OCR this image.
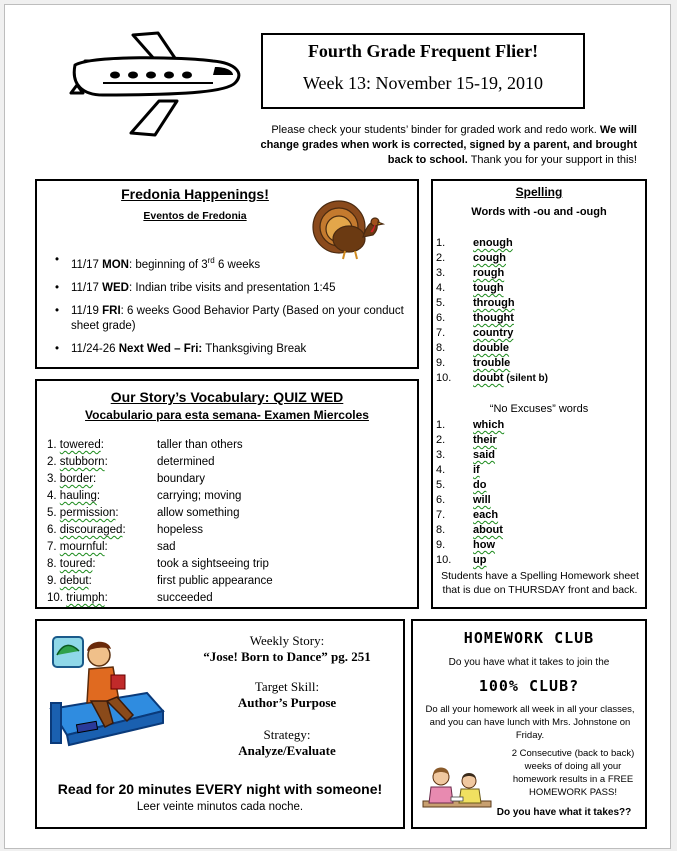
Fourth Grade Frequent Flier!
Week 13: November 15-19, 2010
Please check your students’ binder for graded work and redo work. We will change grades when work is corrected, signed by a parent, and brought back to school. Thank you for your support in this!
Fredonia Happenings!
Eventos de Fredonia
• 11/17 MON: beginning of 3rd 6 weeks
• 11/17 WED: Indian tribe visits and presentation 1:45
• 11/19 FRI: 6 weeks Good Behavior Party (Based on your conduct sheet grade)
• 11/24-26 Next Wed – Fri: Thanksgiving Break
Our Story’s Vocabulary: QUIZ WED
Vocabulario para esta semana- Examen Miercoles
1. towered:	taller than others
2. stubborn:	determined
3. border:	boundary
4. hauling:	carrying; moving
5. permission:	allow something
6. discouraged:	hopeless
7. mournful:	sad
8. toured:	took a sightseeing trip
9. debut:	first public appearance
10. triumph:	succeeded
Spelling
Words with -ou and -ough
1.	enough
2.	cough
3.	rough
4.	tough
5.	through
6.	thought
7.	country
8.	double
9.	trouble
10. doubt (silent b)
“No Excuses” words
1.	which
2.	their
3.	said
4.	if
5.	do
6.	will
7.	each
8.	about
9.	how
10. up
Students have a Spelling Homework sheet that is due on THURSDAY front and back.
Weekly Story:
“Jose! Born to Dance” pg. 251
Target Skill:
Author’s Purpose
Strategy:
Analyze/Evaluate
Read for 20 minutes EVERY night with someone!
Leer veinte minutos cada noche.
HOMEWORK CLUB
Do you have what it takes to join the
100% CLUB?
Do all your homework all week in all your classes, and you can have lunch with Mrs. Johnstone on Friday.
2 Consecutive (back to back) weeks of doing all your homework results in a FREE HOMEWORK PASS!
Do you have what it takes??
